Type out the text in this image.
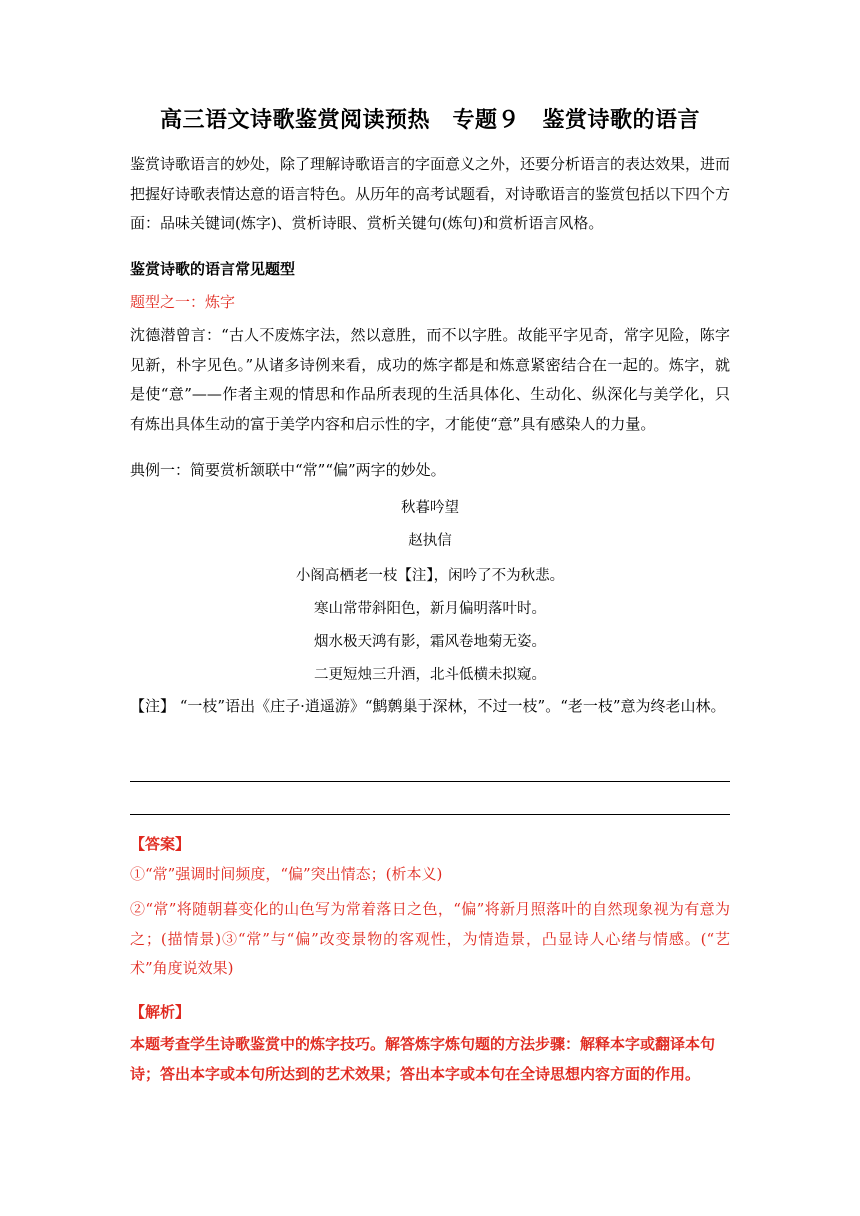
高三语文诗歌鉴赏阅读预热　专题９　鉴赏诗歌的语言
鉴赏诗歌语言的妙处，除了理解诗歌语言的字面意义之外，还要分析语言的表达效果，进而把握好诗歌表情达意的语言特色。从历年的高考试题看，对诗歌语言的鉴赏包括以下四个方面：品味关键词(炼字)、赏析诗眼、赏析关键句(炼句)和赏析语言风格。
鉴赏诗歌的语言常见题型
题型之一：炼字
沈德潜曾言：“古人不废炼字法，然以意胜，而不以字胜。故能平字见奇，常字见险，陈字见新，朴字见色。”从诸多诗例来看，成功的炼字都是和炼意紧密结合在一起的。炼字，就是使“意”——作者主观的情思和作品所表现的生活具体化、生动化、纵深化与美学化，只有炼出具体生动的富于美学内容和启示性的字，才能使“意”具有感染人的力量。
典例一：简要赏析颔联中“常”“偏”两字的妙处。
秋暮吟望
赵执信
小阁高栖老一枝【注】，闲吟了不为秋悲。
寒山常带斜阳色，新月偏明落叶时。
烟水极天鸿有影，霜风卷地菊无姿。
二更短烛三升酒，北斗低横未拟窥。
【注】 “一枝”语出《庄子·逍遥游》“鹪鹩巢于深林，不过一枝”。“老一枝”意为终老山林。
【答案】
①“常”强调时间频度，“偏”突出情态；(析本义)
②“常”将随朝暮变化的山色写为常着落日之色，“偏”将新月照落叶的自然现象视为有意为之；(描情景)③“常”与“偏”改变景物的客观性，为情造景，凸显诗人心绪与情感。(“艺术”角度说效果)
【解析】
本题考查学生诗歌鉴赏中的炼字技巧。解答炼字炼句题的方法步骤：解释本字或翻译本句诗；答出本字或本句所达到的艺术效果；答出本字或本句在全诗思想内容方面的作用。
